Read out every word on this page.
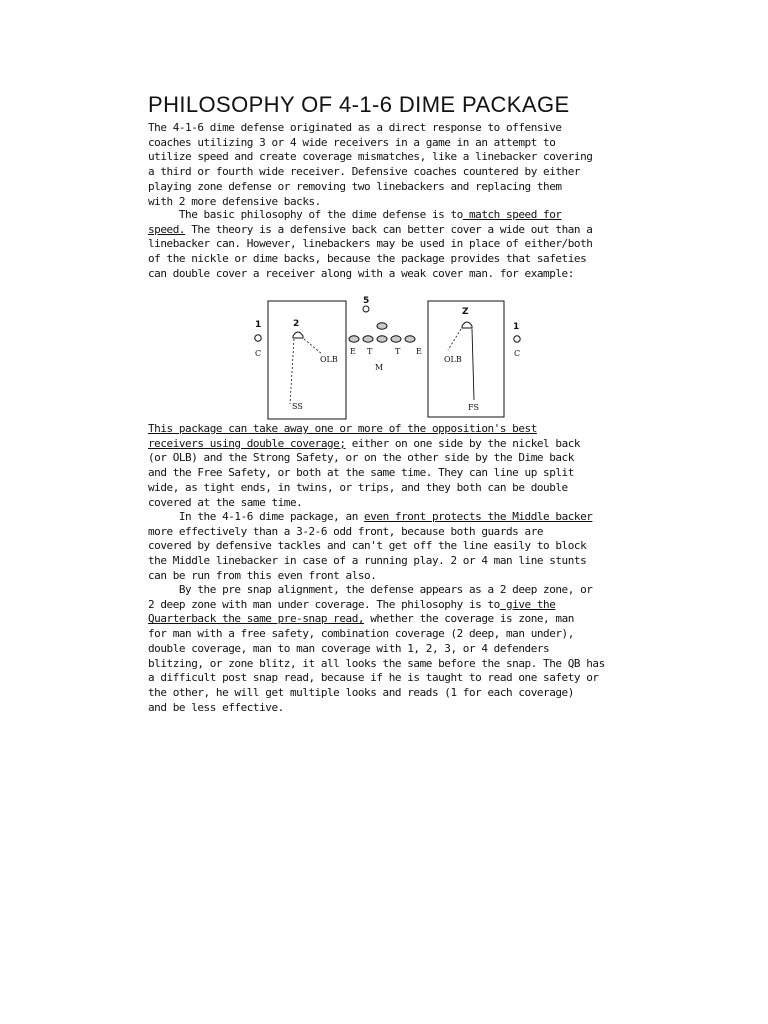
PHILOSOPHY OF 4-1-6 DIME PACKAGE
The 4-1-6 dime defense originated as a direct response to offensive
coaches utilizing 3 or 4 wide receivers in a game in an attempt to
utilize speed and create coverage mismatches, like a linebacker covering
a third or fourth wide receiver. Defensive coaches countered by either
playing zone defense or removing two linebackers and replacing them
with 2 more defensive backs.
The basic philosophy of the dime defense is to match speed for
speed. The theory is a defensive back can better cover a wide out than a
linebacker can. However, linebackers may be used in place of either/both
of the nickle or dime backs, because the package provides that safeties
can double cover a receiver along with a weak cover man. for example:
1
C
2
OLB
SS
5
E T	T E
M
Z
OLB
FS
1
C
This package can take away one or more of the opposition's best
receivers using double coverage; either on one side by the nickel back
(or OLB) and the Strong Safety, or on the other side by the Dime back
and the Free Safety, or both at the same time. They can line up split
wide, as tight ends, in twins, or trips, and they both can be double
covered at the same time.
In the 4-1-6 dime package, an even front protects the Middle backer
more effectively than a 3-2-6 odd front, because both guards are
covered by defensive tackles and can't get off the line easily to block
the Middle linebacker in case of a running play. 2 or 4 man line stunts
can be run from this even front also.
By the pre snap alignment, the defense appears as a 2 deep zone, or
2 deep zone with man under coverage. The philosophy is to give the
Quarterback the same pre-snap read, whether the coverage is zone, man
for man with a free safety, combination coverage (2 deep, man under),
double coverage, man to man coverage with 1, 2, 3, or 4 defenders
blitzing, or zone blitz, it all looks the same before the snap. The QB has
a difficult post snap read, because if he is taught to read one safety or
the other, he will get multiple looks and reads (1 for each coverage)
and be less effective.
